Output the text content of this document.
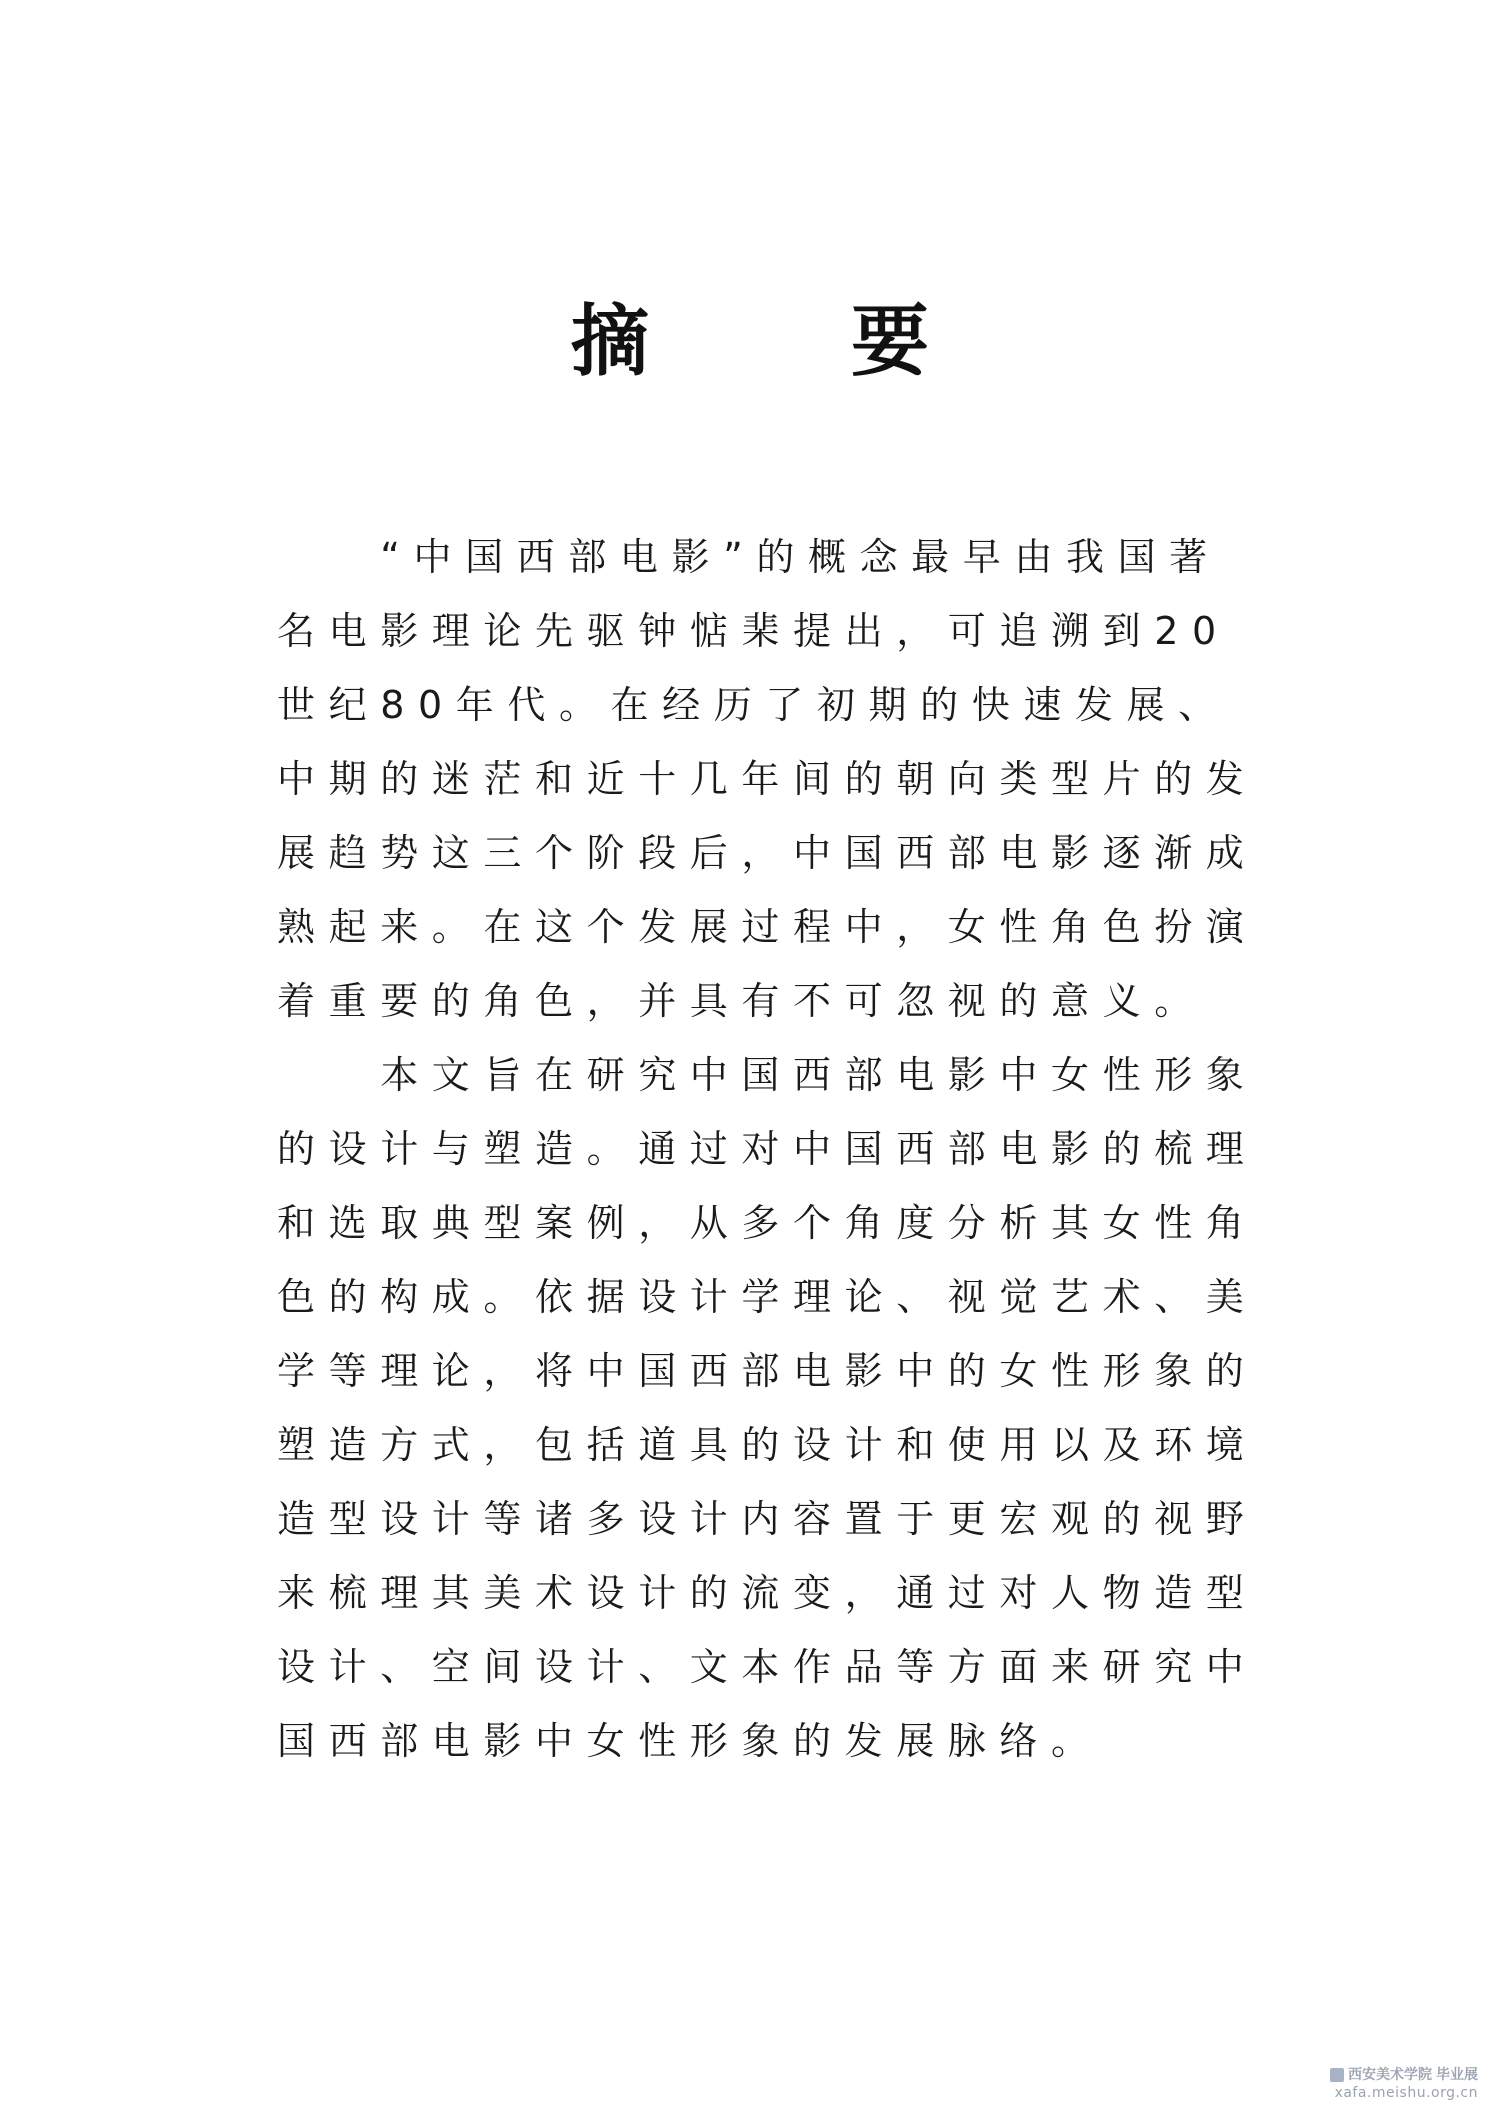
摘　要
　　“中国西部电影”的概念最早由我国著
名电影理论先驱钟惦棐提出，可追溯到20
世纪80年代。在经历了初期的快速发展、
中期的迷茫和近十几年间的朝向类型片的发
展趋势这三个阶段后，中国西部电影逐渐成
熟起来。在这个发展过程中，女性角色扮演
着重要的角色，并具有不可忽视的意义。
　　本文旨在研究中国西部电影中女性形象
的设计与塑造。通过对中国西部电影的梳理
和选取典型案例，从多个角度分析其女性角
色的构成。依据设计学理论、视觉艺术、美
学等理论，将中国西部电影中的女性形象的
塑造方式，包括道具的设计和使用以及环境
造型设计等诸多设计内容置于更宏观的视野
来梳理其美术设计的流变，通过对人物造型
设计、空间设计、文本作品等方面来研究中
国西部电影中女性形象的发展脉络。
西安美术学院 毕业展
xafa.meishu.org.cn
